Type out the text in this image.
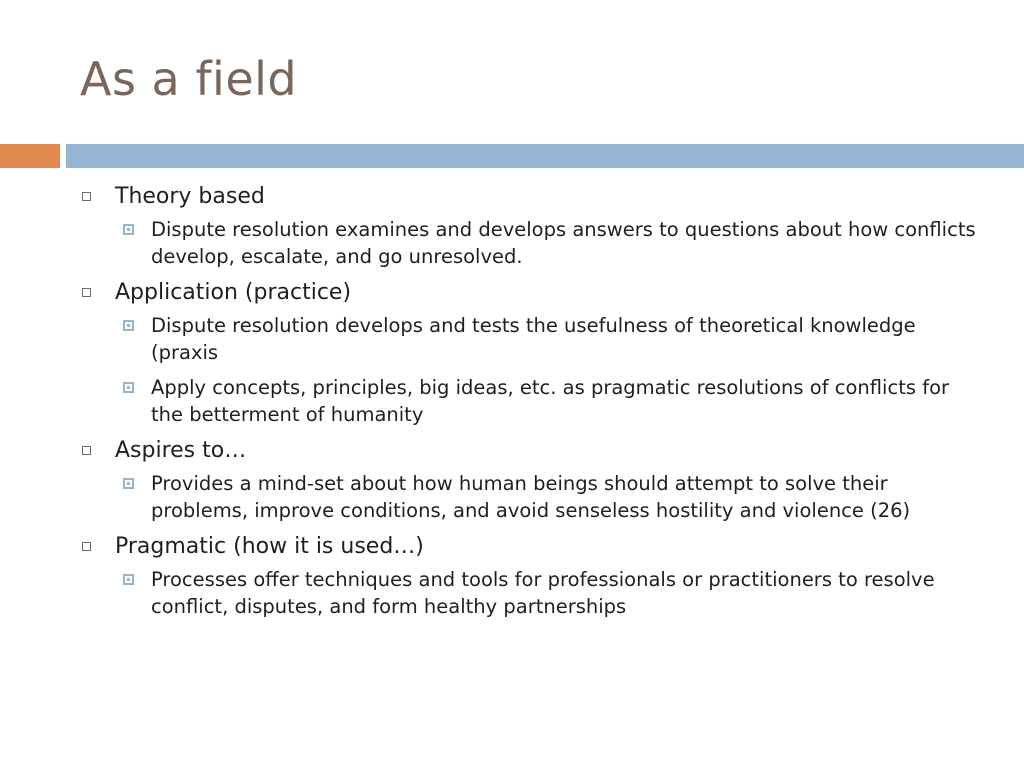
As a field
Theory based
Dispute resolution examines and develops answers to questions about how conflicts develop, escalate, and go unresolved.
Application (practice)
Dispute resolution develops and tests the usefulness of theoretical knowledge (praxis
Apply concepts, principles, big ideas, etc. as pragmatic resolutions of conflicts for the betterment of humanity
Aspires to…
Provides a mind-set about how human beings should attempt to solve their problems, improve conditions, and avoid senseless hostility and violence (26)
Pragmatic (how it is used…)
Processes offer techniques and tools for professionals or practitioners to resolve conflict, disputes, and form healthy partnerships
